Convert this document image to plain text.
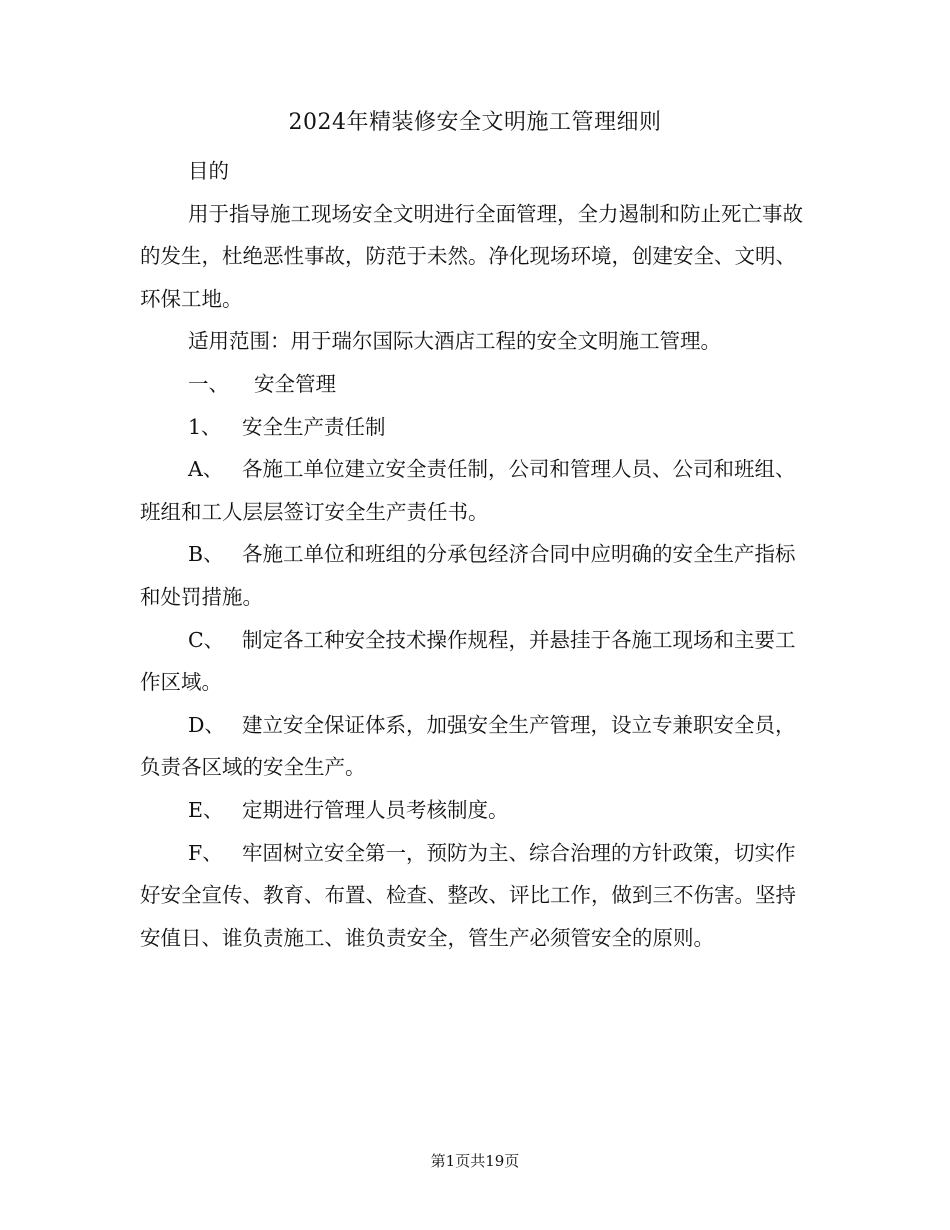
2024年精装修安全文明施工管理细则

目的

用于指导施工现场安全文明进行全面管理，全力遏制和防止死亡事故的发生，杜绝恶性事故，防范于未然。净化现场环境，创建安全、文明、环保工地。

适用范围：用于瑞尔国际大酒店工程的安全文明施工管理。

一、 安全管理

1、 安全生产责任制

A、 各施工单位建立安全责任制，公司和管理人员、公司和班组、班组和工人层层签订安全生产责任书。

B、 各施工单位和班组的分承包经济合同中应明确的安全生产指标和处罚措施。

C、 制定各工种安全技术操作规程，并悬挂于各施工现场和主要工作区域。

D、 建立安全保证体系，加强安全生产管理，设立专兼职安全员，负责各区域的安全生产。

E、 定期进行管理人员考核制度。

F、 牢固树立安全第一，预防为主、综合治理的方针政策，切实作好安全宣传、教育、布置、检查、整改、评比工作，做到三不伤害。坚持安值日、谁负责施工、谁负责安全，管生产必须管安全的原则。

第1页共19页
